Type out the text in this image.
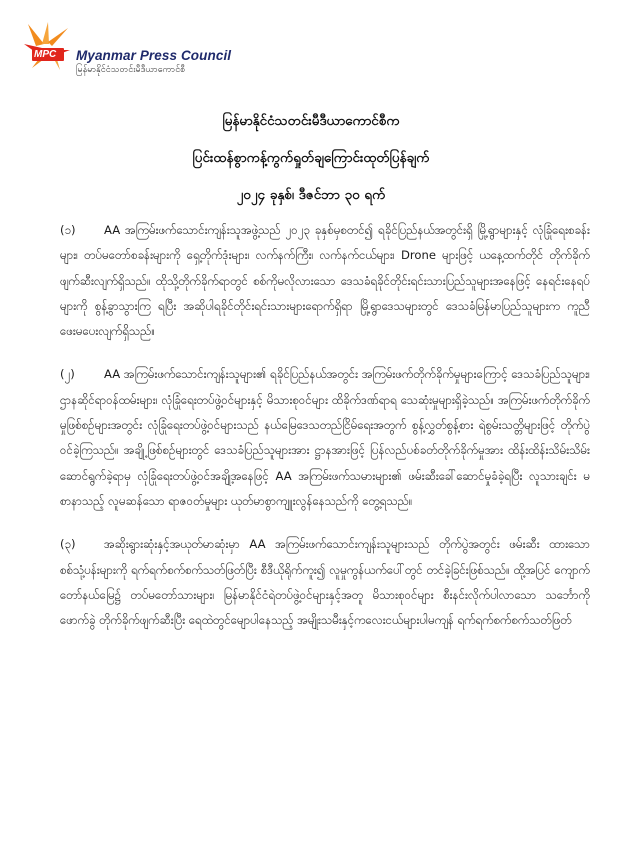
MPC Myanmar Press Council
မြန်မာနိုင်ငံသတင်းမီဒီယာကောင်စီ
မြန်မာနိုင်ငံသတင်းမီဒီယာကောင်စီက
ပြင်းထန်စွာကန့်ကွက်ရှုတ်ချကြောင်းထုတ်ပြန်ချက်
၂၀၂၄ ခုနှစ်၊ ဒီဇင်ဘာ ၃၀ ရက်

(၁) AA အကြမ်းဖက်သောင်းကျန်းသူအဖွဲ့သည် ၂၀၂၃ ခုနှစ်မှစတင်၍ ရခိုင်ပြည်နယ်အတွင်းရှိ မြို့ရွာများနှင့် လုံခြုံရေးစခန်းများ၊ တပ်မတော်စခန်းများကို ရှေ့တိုက်ဒုံးများ၊ လက်နက်ကြီး၊ လက်နက်ငယ်များ၊ Drone များဖြင့် ယနေ့ထက်တိုင် တိုက်ခိုက်ဖျက်ဆီးလျက်ရှိသည်။ ထိုသို့တိုက်ခိုက်ရာတွင် စစ်ကိုမလိုလားသော ဒေသခံရခိုင်တိုင်းရင်းသားပြည်သူများအနေဖြင့် နေရင်းနေရပ်များကို စွန့်ခွာသွားကြ ရပြီး အဆိုပါရခိုင်တိုင်းရင်းသားများရောက်ရှိရာ မြို့ရွာဒေသများတွင် ဒေသခံမြန်မာပြည်သူများက ကူညီဖေးမပေးလျက်ရှိသည်။

(၂)	AA အကြမ်းဖက်သောင်းကျန်းသူများ၏ ရခိုင်ပြည်နယ်အတွင်း အကြမ်းဖက်တိုက်ခိုက်မှုများကြောင့် ဒေသခံပြည်သူများ၊ ဌာနဆိုင်ရာဝန်ထမ်းများ၊ လုံခြုံရေးတပ်ဖွဲ့ဝင်များနှင့် မိသားစုဝင်များ ထိခိုက်ဒဏ်ရာရ သေဆုံးမှုများရှိခဲ့သည်။ အကြမ်းဖက်တိုက်ခိုက်မှုဖြစ်စဉ်များအတွင်း လုံခြုံရေးတပ်ဖွဲ့ဝင်များသည် နယ်မြေဒေသတည်ငြိမ်ရေးအတွက် စွန့်လွှတ်စွန့်စား ရဲစွမ်းသတ္တိများဖြင့် တိုက်ပွဲဝင်ခဲ့ကြသည်။ အချို့ဖြစ်စဉ်များတွင် ဒေသခံပြည်သူများအား ဋ္ဌာနအားဖြင့် ပြန်လည်ပစ်ခတ်တိုက်ခိုက်မှုအား ထိန်းထိန်းသိမ်းသိမ်းဆောင်ရွက်ခဲ့ရာမှ လုံခြုံရေးတပ်ဖွဲ့ဝင်အချို့အနေဖြင့် AA အကြမ်းဖက်သမားများ၏ ဖမ်းဆီးခေါ်ဆောင်မှုခံခဲ့ရပြီး လူသားချင်း မစာနာသည့် လူမဆန်သော ရာဇဝတ်မှုများ ယုတ်မာစွာကျူးလွန်နေသည်ကို တွေ့ရသည်။

(၃) အဆိုးရွားဆုံးနှင့်အယုတ်မာဆုံးမှာ AA အကြမ်းဖက်သောင်းကျန်းသူများသည် တိုက်ပွဲအတွင်း ဖမ်းဆီး ထားသော စစ်သုံ့ပန်းများကို ရက်ရက်စက်စက်သတ်ဖြတ်ပြီး စီဒီယိုရိုက်ကူး၍ လူမှုကွန်ယက်ပေါ်တွင် တင်ခဲ့ခြင်းဖြစ်သည်။ ထို့အပြင် ကျောက်တော်နယ်မြေ၌ တပ်မတော်သားများ၊ မြန်မာနိုင်ငံရဲတပ်ဖွဲ့ဝင်များနှင့်အတူ မိသားစုဝင်များ စီးနင်းလိုက်ပါလာသော သင်္ဘောကိုဖောက်ခွဲ တိုက်ခိုက်ဖျက်ဆီးပြီး ရေထဲတွင်မျောပါနေသည့် အမျိုးသမီးနှင့်ကလေးငယ်များပါမကျန် ရက်ရက်စက်စက်သတ်ဖြတ်
